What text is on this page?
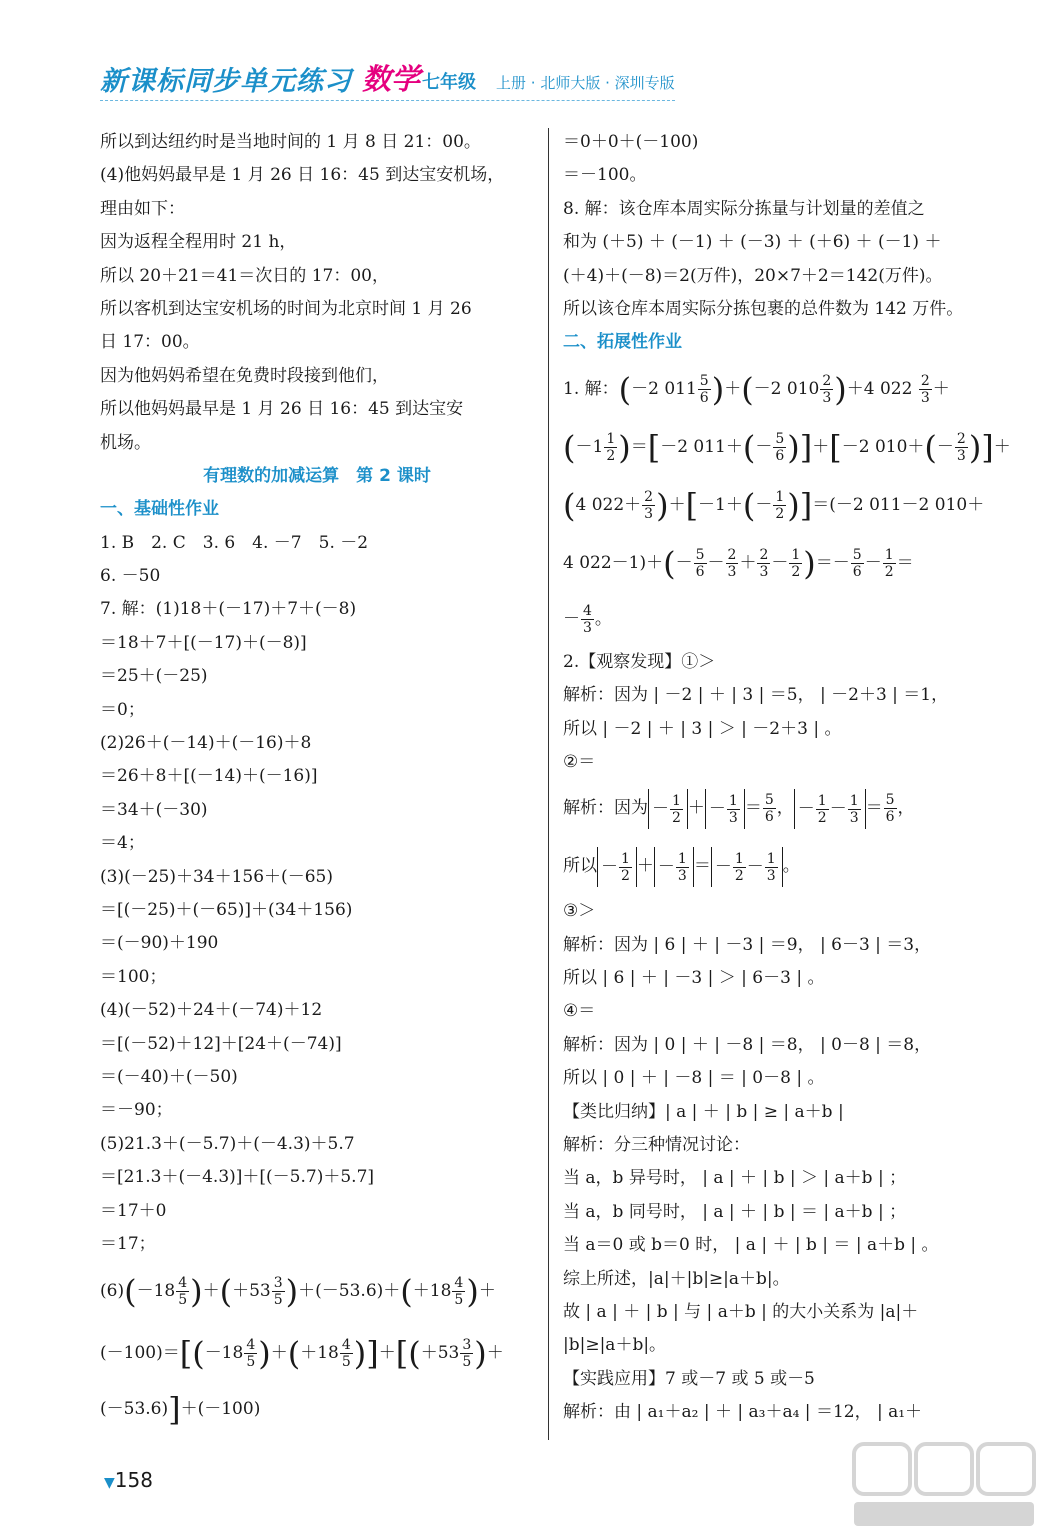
新课标同步单元练习 数学 七年级 上册 · 北师大版 · 深圳专版
所以到达纽约时是当地时间的 1 月 8 日 21：00。
(4)他妈妈最早是 1 月 26 日 16：45 到达宝安机场，
理由如下：
因为返程全程用时 21 h，
所以 20＋21＝41＝次日的 17：00，
所以客机到达宝安机场的时间为北京时间 1 月 26
日 17：00。
因为他妈妈希望在免费时段接到他们，
所以他妈妈最早是 1 月 26 日 16：45 到达宝安
机场。
有理数的加减运算　第 2 课时
一、基础性作业
1. B　2. C　3. 6　4. －7　5. －2
6. －50
7. 解：(1)18＋(－17)＋7＋(－8)
＝18＋7＋[(－17)＋(－8)]
＝25＋(－25)
＝0；
(2)26＋(－14)＋(－16)＋8
＝26＋8＋[(－14)＋(－16)]
＝34＋(－30)
＝4；
(3)(－25)＋34＋156＋(－65)
＝[(－25)＋(－65)]＋(34＋156)
＝(－90)＋190
＝100；
(4)(－52)＋24＋(－74)＋12
＝[(－52)＋12]＋[24＋(－74)]
＝(－40)＋(－50)
＝－90；
(5)21.3＋(－5.7)＋(－4.3)＋5.7
＝[21.3＋(－4.3)]＋[(－5.7)＋5.7]
＝17＋0
＝17；
$(6)(-18 \frac{4}{5} )+(+53 \frac{3}{5} )+(-53.6)+(+18 \frac{4}{5}$ )＋
$(-100)=[(-18 \frac{4}{5} )+(+18 \frac{4}{5} )]+[(+53 \frac{3}{5}$ )＋
(－53.6)]＋(－100)
＝0＋0＋(－100)
＝－100。
8. 解：该仓库本周实际分拣量与计划量的差值之
和为 (＋5) ＋ (－1) ＋ (－3) ＋ (＋6) ＋ (－1) ＋
(＋4)＋(－8)＝2(万件)，20×7＋2＝142(万件)。
所以该仓库本周实际分拣包裹的总件数为 142 万件。
二、拓展性作业
1. 解：(－2 $011 \frac{5}{6} )+(-2$ $010 \frac{2}{3} )+4$ $022 \frac{2}{3}$ ＋
$(-1 \frac{1}{2} )=[-2$ $011+(- \frac{5}{6} )]+[-2$ $010+(- \frac{2}{3}$ )]＋
(4 $022+ \frac{2}{3} )+[-1+(- \frac{1}{2} )]=(-2$ 011－2 010＋
4 $022-1)+(- \frac{5}{6} - \frac{2}{3} + \frac{2}{3} - \frac{1}{2}$ )＝－ $\frac{5}{6} - \frac{1}{2}$ ＝
－ $\frac{4}{3}$ 。
2.【观察发现】①＞
解析：因为 | －2 | ＋ | 3 | ＝5， | －2＋3 | ＝1，
所以 | －2 | ＋ | 3 | ＞ | －2＋3 | 。
②＝
解析：因为 － $\frac{1}{2}$ ＋ － $\frac{1}{3} = \frac{5}{6}$ ， － $\frac{1}{2} - \frac{1}{3} = \frac{5}{6}$ ，
所以 － $\frac{1}{2}$ ＋ － $\frac{1}{3}$ ＝ － $\frac{1}{2} - \frac{1}{3}$ 。
③＞
解析：因为 | 6 | ＋ | －3 | ＝9， | 6－3 | ＝3，
所以 | 6 | ＋ | －3 | ＞ | 6－3 | 。
④＝
解析：因为 | 0 | ＋ | －8 | ＝8， | 0－8 | ＝8，
所以 | 0 | ＋ | －8 | ＝ | 0－8 | 。
【类比归纳】| a | ＋ | b | ≥ | a＋b |
解析：分三种情况讨论：
当 a，b 异号时， | a | ＋ | b | ＞ | a＋b | ；
当 a，b 同号时， | a | ＋ | b | ＝ | a＋b | ；
当 a＝0 或 b＝0 时， | a | ＋ | b | ＝ | a＋b | 。
综上所述，|a|＋|b|≥|a＋b|。
故 | a | ＋ | b | 与 | a＋b | 的大小关系为 |a|＋
|b|≥|a＋b|。
【实践应用】7 或－7 或 5 或－5
解析：由 | a₁＋a₂ | ＋ | a₃＋a₄ | ＝12， | a₁＋
▼158
